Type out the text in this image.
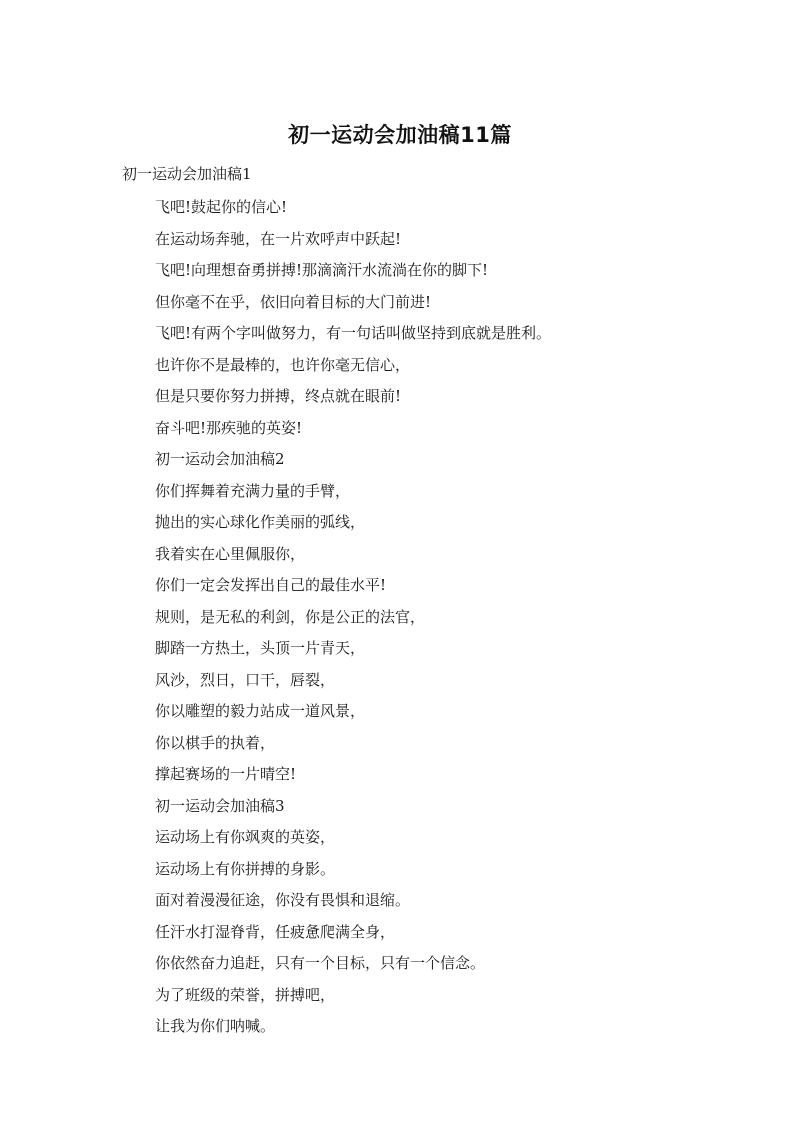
初一运动会加油稿11篇
初一运动会加油稿1
飞吧!鼓起你的信心!
在运动场奔驰，在一片欢呼声中跃起!
飞吧!向理想奋勇拼搏!那滴滴汗水流淌在你的脚下!
但你毫不在乎，依旧向着目标的大门前进!
飞吧!有两个字叫做努力，有一句话叫做坚持到底就是胜利。
也许你不是最棒的，也许你毫无信心，
但是只要你努力拼搏，终点就在眼前!
奋斗吧!那疾驰的英姿!
初一运动会加油稿2
你们挥舞着充满力量的手臂，
抛出的实心球化作美丽的弧线，
我着实在心里佩服你，
你们一定会发挥出自己的最佳水平!
规则，是无私的利剑，你是公正的法官，
脚踏一方热土，头顶一片青天，
风沙，烈日，口干，唇裂，
你以雕塑的毅力站成一道风景，
你以棋手的执着，
撑起赛场的一片晴空!
初一运动会加油稿3
运动场上有你飒爽的英姿，
运动场上有你拼搏的身影。
面对着漫漫征途，你没有畏惧和退缩。
任汗水打湿脊背，任疲惫爬满全身，
你依然奋力追赶，只有一个目标，只有一个信念。
为了班级的荣誉，拼搏吧，
让我为你们呐喊。
